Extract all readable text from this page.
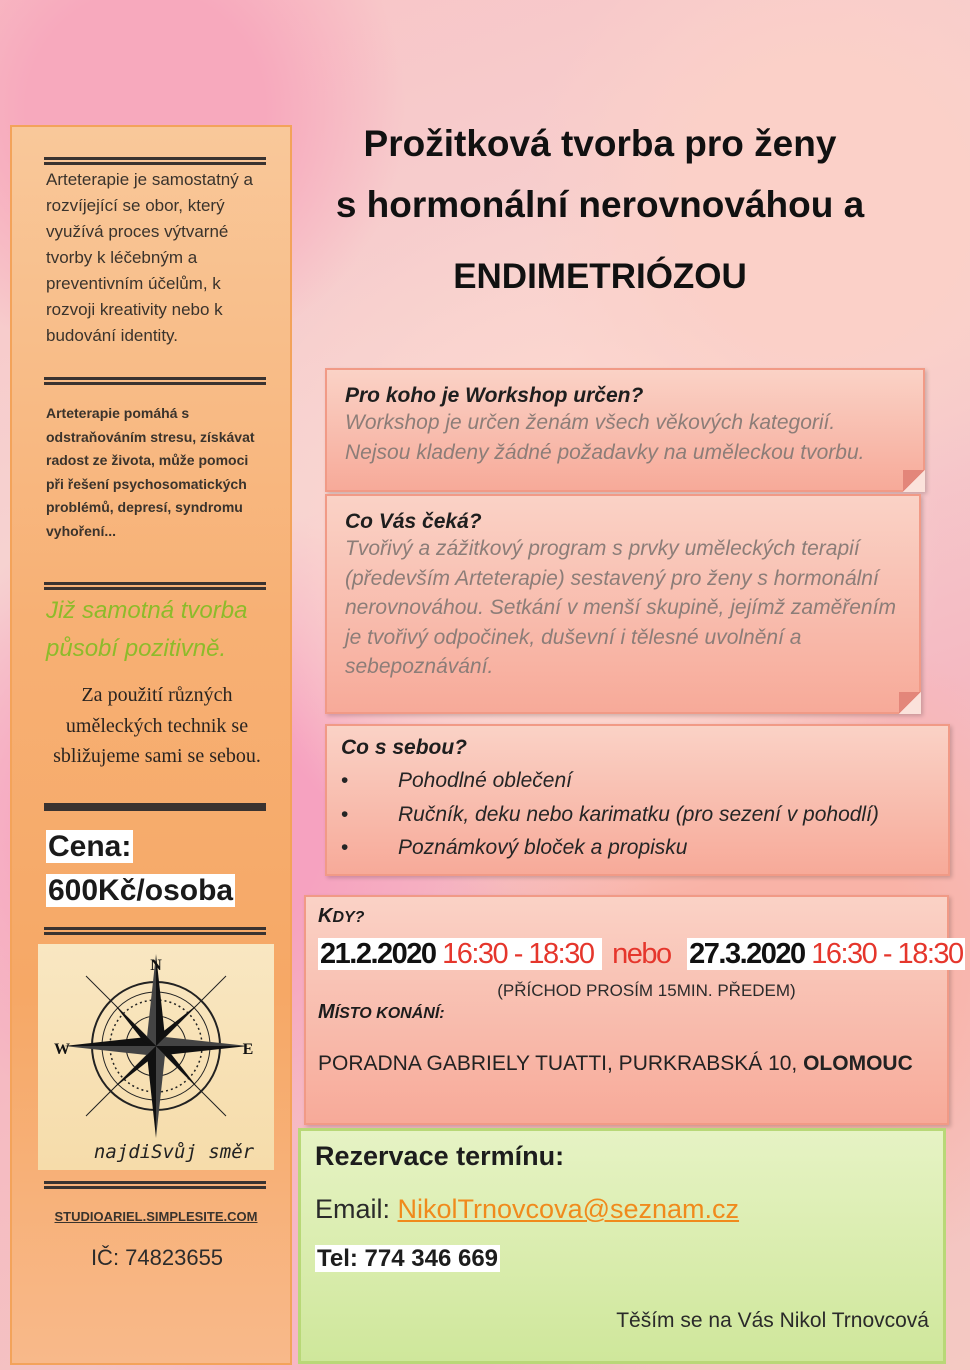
Arteterapie je samostatný a rozvíjející se obor, který využívá proces výtvarné tvorby k léčebným a preventivním účelům, k rozvoji kreativity nebo k budování identity.
Arteterapie pomáhá s odstraňováním stresu, získávat radost ze života, může pomoci při řešení psychosomatických problémů, depresí, syndromu vyhoření...
Již samotná tvorba
působí pozitivně.
Za použití různých uměleckých technik se sbližujeme sami se sebou.
Cena:
600Kč/osoba
N
E
W
najdiSvůj směr
STUDIOARIEL.SIMPLESITE.COM
IČ: 74823655
Prožitková tvorba pro ženy
s hormonální nerovnováhou a
ENDIMETRIÓZOU
Pro koho je Workshop určen?

Workshop je určen ženám všech věkových kategorií. Nejsou kladeny žádné požadavky na uměleckou tvorbu.

Co Vás čeká?

Tvořivý a zážitkový program s prvky uměleckých terapií (především Arteterapie) sestavený pro ženy s hormonální nerovnováhou. Setkání v menší skupině, jejímž zaměřením je tvořivý odpočinek, duševní i tělesné uvolnění a sebepoznávání.

Co s sebou?
• Pohodlné oblečení
• Ručník, deku nebo karimatku (pro sezení v pohodlí)
• Poznámkový bloček a propisku
KDY?
21.2.2020 16:30 - 18:30 nebo 27.3.2020 16:30 - 18:30
(PŘÍCHOD PROSÍM 15MIN. PŘEDEM)
MÍSTO KONÁNÍ:
PORADNA GABRIELY TUATTI, PURKRABSKÁ 10, OLOMOUC
Rezervace termínu:
Email: NikolTrnovcova@seznam.cz
Tel: 774 346 669
Těším se na Vás Nikol Trnovcová
